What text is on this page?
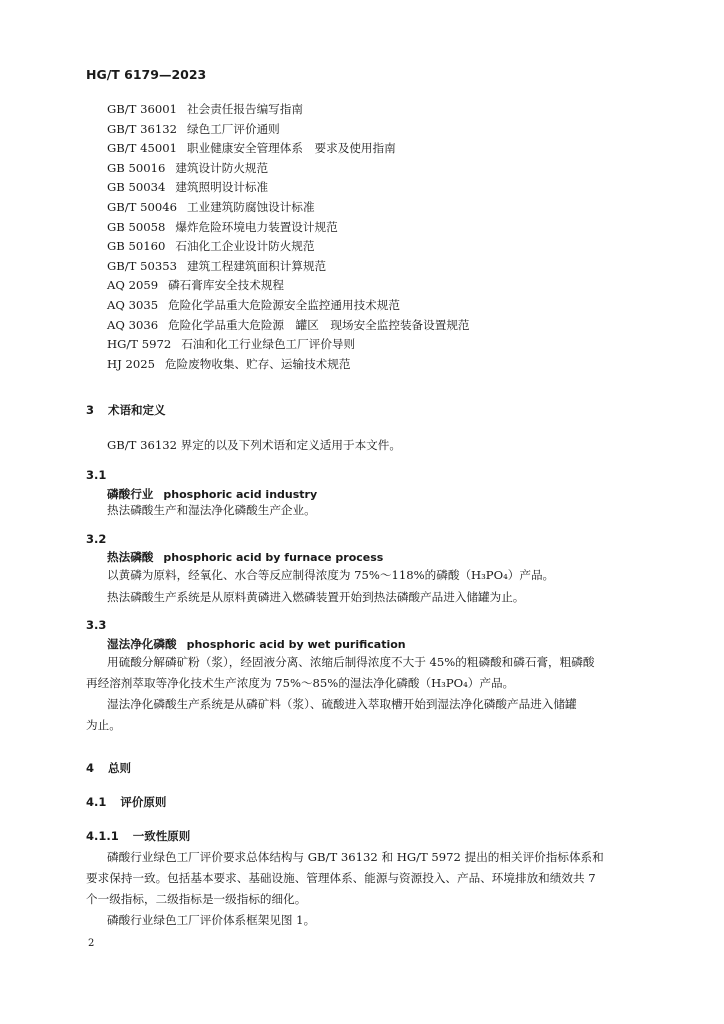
HG/T 6179—2023
GB/T 36001 社会责任报告编写指南
GB/T 36132 绿色工厂评价通则
GB/T 45001 职业健康安全管理体系　要求及使用指南
GB 50016 建筑设计防火规范
GB 50034 建筑照明设计标准
GB/T 50046 工业建筑防腐蚀设计标准
GB 50058 爆炸危险环境电力装置设计规范
GB 50160 石油化工企业设计防火规范
GB/T 50353 建筑工程建筑面积计算规范
AQ 2059 磷石膏库安全技术规程
AQ 3035 危险化学品重大危险源安全监控通用技术规范
AQ 3036 危险化学品重大危险源　罐区　现场安全监控装备设置规范
HG/T 5972 石油和化工行业绿色工厂评价导则
HJ 2025 危险废物收集、贮存、运输技术规范
3 术语和定义
GB/T 36132 界定的以及下列术语和定义适用于本文件。
3.1
磷酸行业 phosphoric acid industry
热法磷酸生产和湿法净化磷酸生产企业。
3.2
热法磷酸 phosphoric acid by furnace process
以黄磷为原料，经氧化、水合等反应制得浓度为 75%～118%的磷酸（H₃PO₄）产品。
热法磷酸生产系统是从原料黄磷进入燃磷装置开始到热法磷酸产品进入储罐为止。
3.3
湿法净化磷酸 phosphoric acid by wet purification
用硫酸分解磷矿粉（浆），经固液分离、浓缩后制得浓度不大于 45%的粗磷酸和磷石膏，粗磷酸
再经溶剂萃取等净化技术生产浓度为 75%～85%的湿法净化磷酸（H₃PO₄）产品。
湿法净化磷酸生产系统是从磷矿料（浆）、硫酸进入萃取槽开始到湿法净化磷酸产品进入储罐
为止。
4 总则
4.1 评价原则
4.1.1 一致性原则
磷酸行业绿色工厂评价要求总体结构与 GB/T 36132 和 HG/T 5972 提出的相关评价指标体系和
要求保持一致。包括基本要求、基础设施、管理体系、能源与资源投入、产品、环境排放和绩效共 7
个一级指标，二级指标是一级指标的细化。
磷酸行业绿色工厂评价体系框架见图 1。
2
